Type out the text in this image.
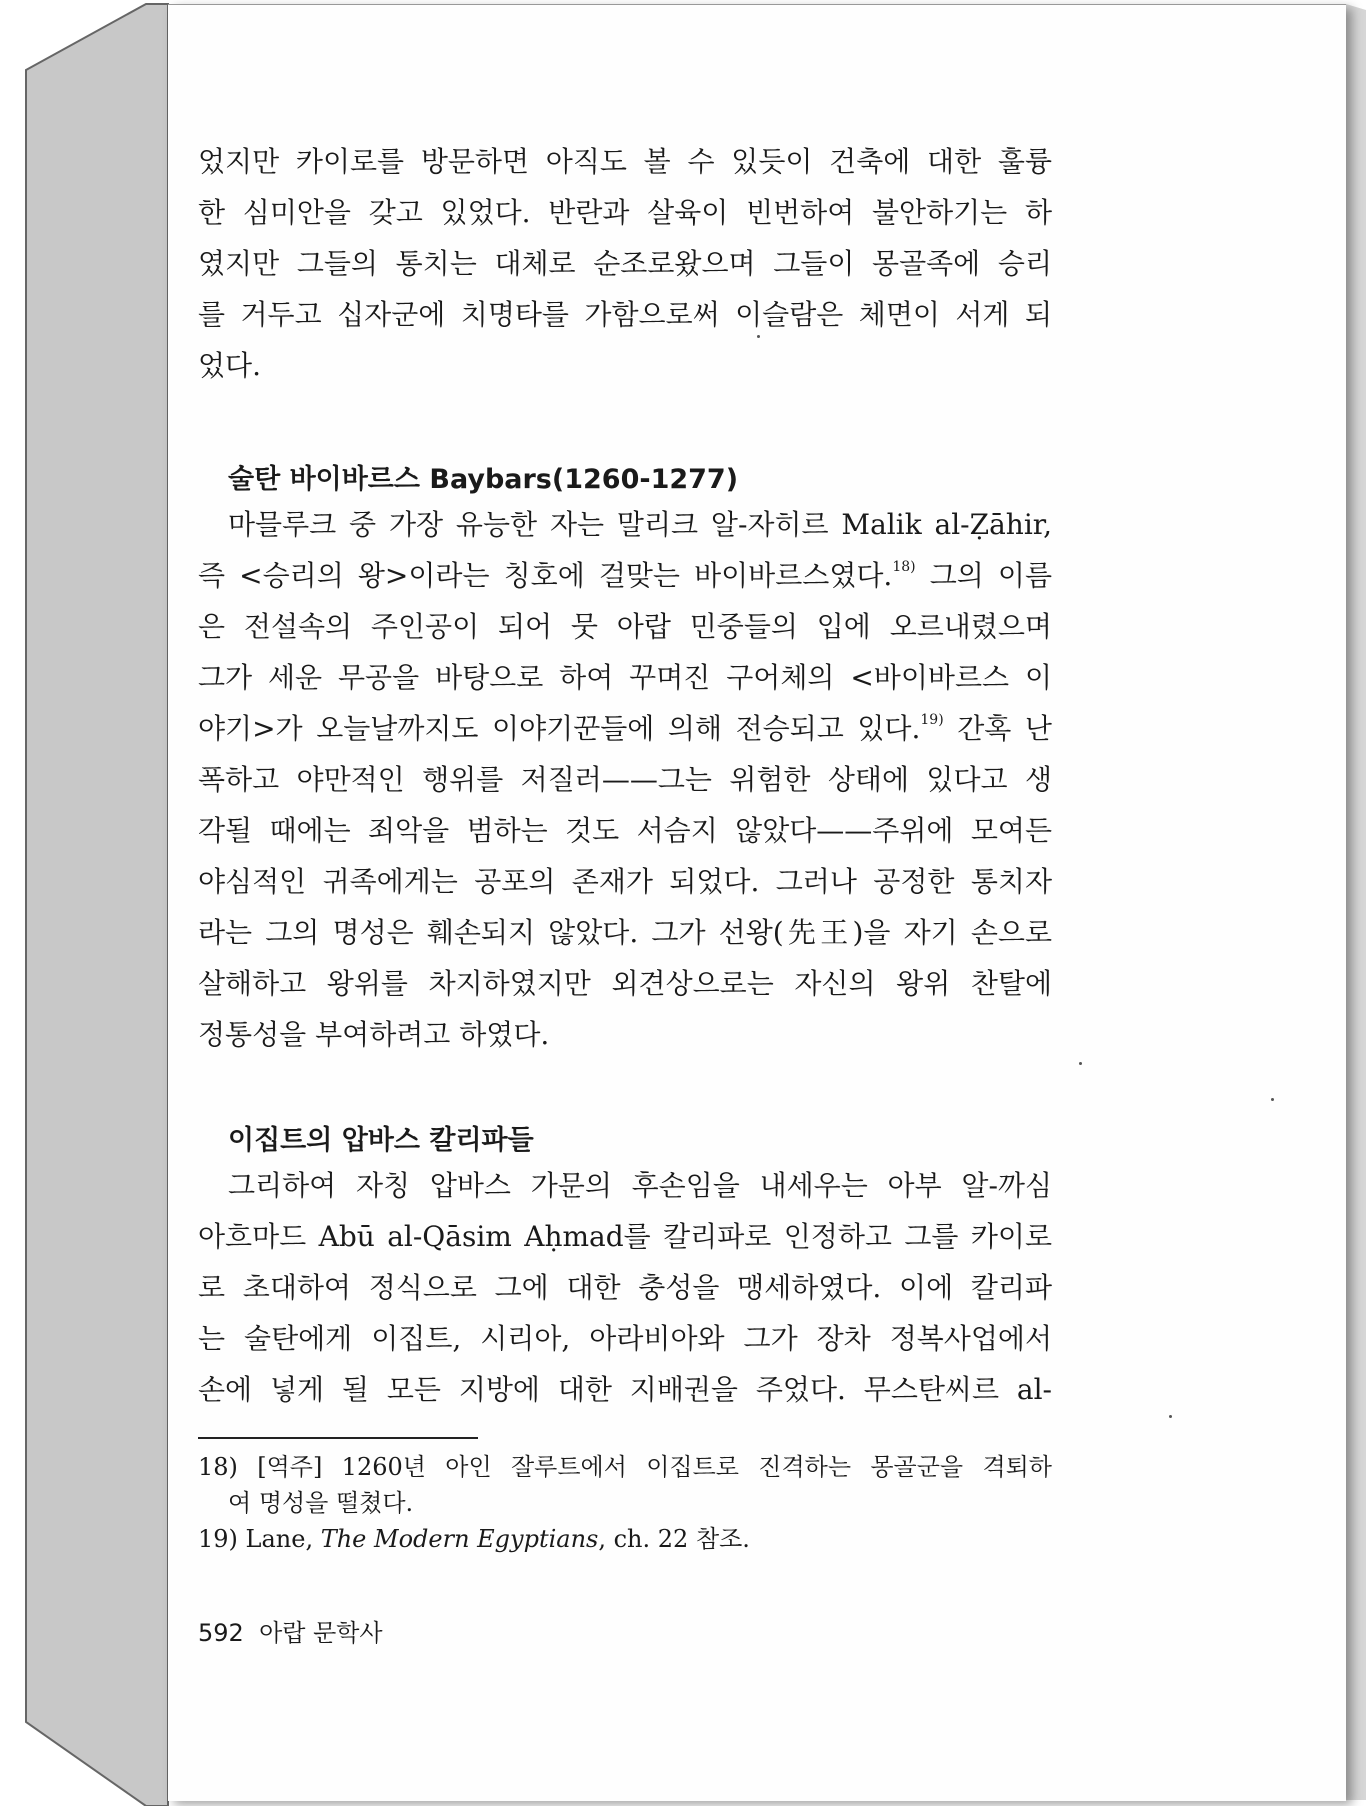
었지만 카이로를 방문하면 아직도 볼 수 있듯이 건축에 대한 훌륭
한 심미안을 갖고 있었다. 반란과 살육이 빈번하여 불안하기는 하
였지만 그들의 통치는 대체로 순조로왔으며 그들이 몽골족에 승리
를 거두고 십자군에 치명타를 가함으로써 이슬람은 체면이 서게 되
었다.
술탄 바이바르스 Baybars(1260-1277)
마믈루크 중 가장 유능한 자는 말리크 알-자히르 Malik al-Ẓāhir,
즉 <승리의 왕>이라는 칭호에 걸맞는 바이바르스였다.$^{18)}$ 그의 이름
은 전설속의 주인공이 되어 뭇 아랍 민중들의 입에 오르내렸으며
그가 세운 무공을 바탕으로 하여 꾸며진 구어체의 <바이바르스 이
야기>가 오늘날까지도 이야기꾼들에 의해 전승되고 있다.$^{19)}$ 간혹 난
폭하고 야만적인 행위를 저질러——그는 위험한 상태에 있다고 생
각될 때에는 죄악을 범하는 것도 서슴지 않았다——주위에 모여든
야심적인 귀족에게는 공포의 존재가 되었다. 그러나 공정한 통치자
라는 그의 명성은 훼손되지 않았다. 그가 선왕(先王)을 자기 손으로
살해하고 왕위를 차지하였지만 외견상으로는 자신의 왕위 찬탈에
정통성을 부여하려고 하였다.
이집트의 압바스 칼리파들
그리하여 자칭 압바스 가문의 후손임을 내세우는 아부 알-까심
아흐마드 Abū al-Qāsim Aḥmad를 칼리파로 인정하고 그를 카이로
로 초대하여 정식으로 그에 대한 충성을 맹세하였다. 이에 칼리파
는 술탄에게 이집트, 시리아, 아라비아와 그가 장차 정복사업에서
손에 넣게 될 모든 지방에 대한 지배권을 주었다. 무스탄씨르 al-
18) [역주] 1260년 아인 잘루트에서 이집트로 진격하는 몽골군을 격퇴하
여 명성을 떨쳤다.
19) Lane, The Modern Egyptians, ch. 22 참조.
592  아랍 문학사
